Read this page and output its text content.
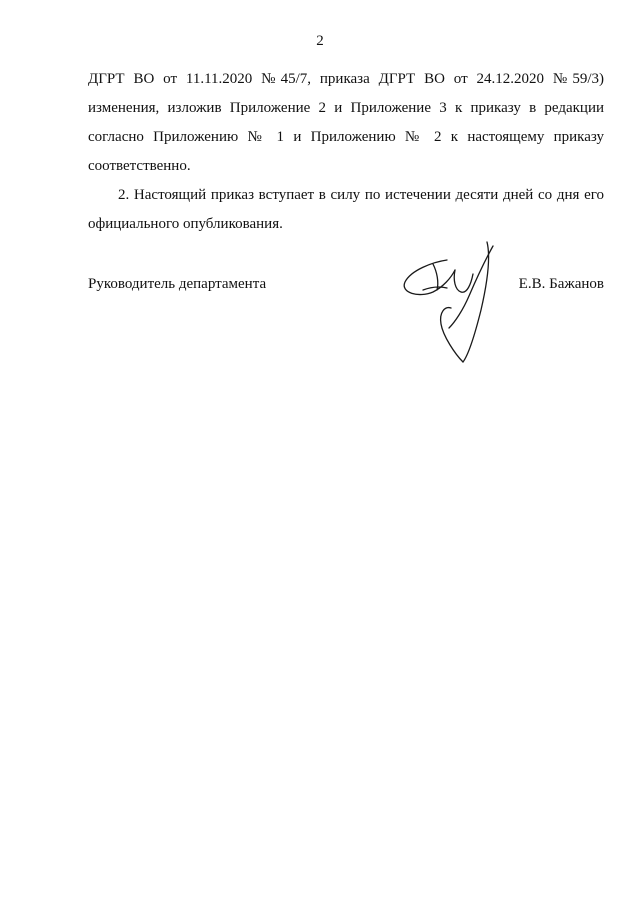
2
ДГРТ ВО от 11.11.2020 №45/7, приказа ДГРТ ВО от 24.12.2020 №59/3)
изменения, изложив Приложение 2 и Приложение 3 к приказу в редакции
согласно Приложению № 1 и Приложению № 2 к настоящему приказу
соответственно.
2. Настоящий приказ вступает в силу по истечении десяти дней со дня его
официального опубликования.
Руководитель департамента	Е.В. Бажанов
